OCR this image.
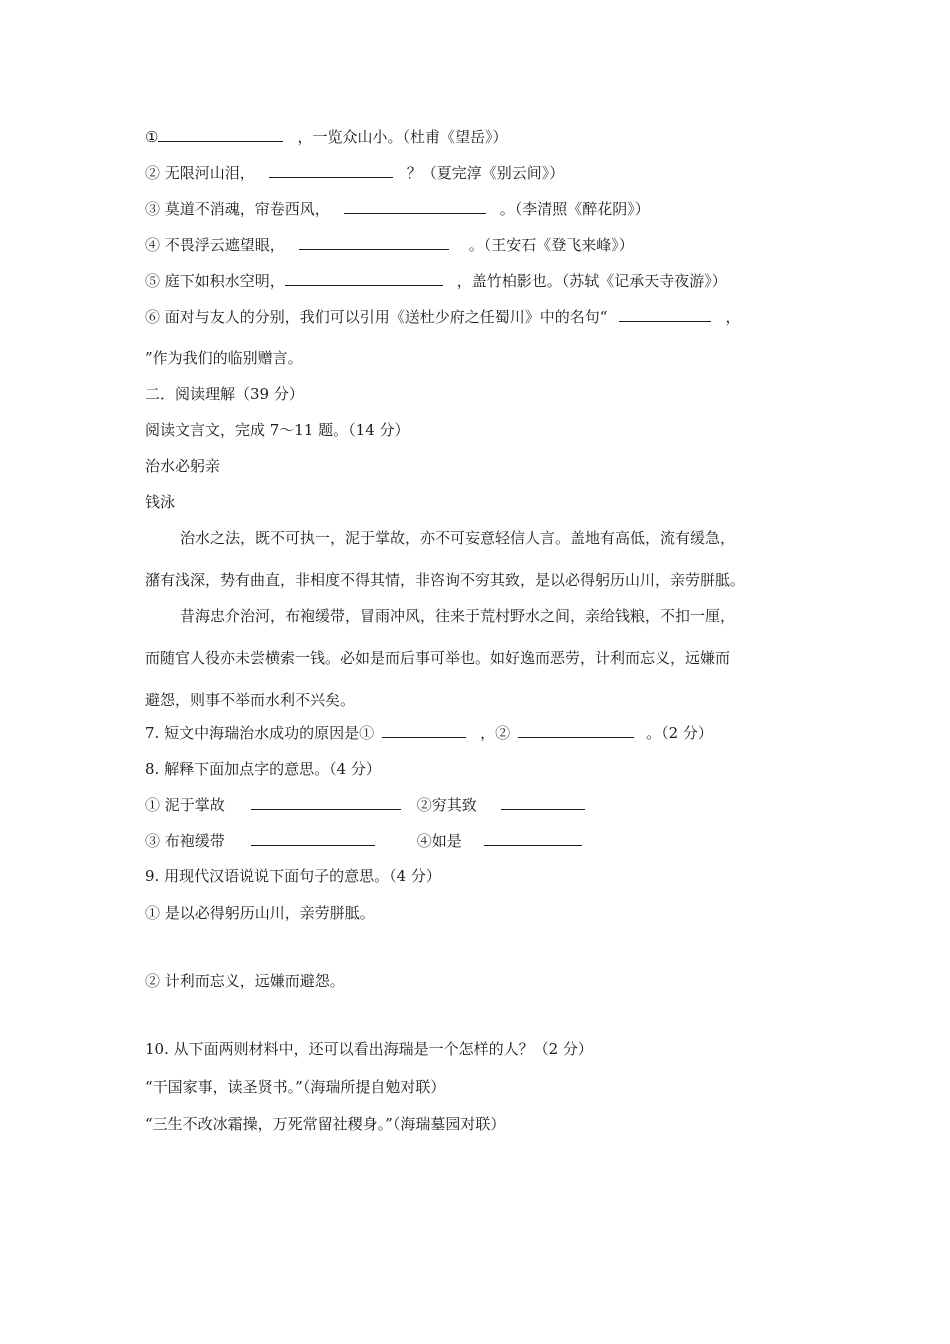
①	，一览众山小。（杜甫《望岳》）
② 无限河山泪，	？（夏完淳《别云间》）
③ 莫道不消魂，帘卷西风，	。（李清照《醉花阴》）
④ 不畏浮云遮望眼，	。（王安石《登飞来峰》）
⑤ 庭下如积水空明，	，盖竹柏影也。（苏轼《记承天寺夜游》）
⑥ 面对与友人的分别，我们可以引用《送杜少府之任蜀川》中的名句“	，
”作为我们的临别赠言。
二．阅读理解（39 分）
阅读文言文，完成 7～11 题。（14 分）
治水必躬亲
钱泳
治水之法，既不可执一，泥于掌故，亦不可妄意轻信人言。盖地有高低，流有缓急，
潴有浅深，势有曲直，非相度不得其情，非咨询不穷其致，是以必得躬历山川，亲劳胼胝。
昔海忠介治河，布袍缓带，冒雨冲风，往来于荒村野水之间，亲给钱粮，不扣一厘，
而随官人役亦未尝横索一钱。必如是而后事可举也。如好逸而恶劳，计利而忘义，远嫌而
避怨，则事不举而水利不兴矣。
7. 短文中海瑞治水成功的原因是①	，②	。（2 分）
8. 解释下面加点字的意思。（4 分）
① 泥于掌故	②穷其致
③ 布袍缓带	④如是
9. 用现代汉语说说下面句子的意思。（4 分）
① 是以必得躬历山川，亲劳胼胝。
② 计利而忘义，远嫌而避怨。
10. 从下面两则材料中，还可以看出海瑞是一个怎样的人？（2 分）
“干国家事，读圣贤书。”（海瑞所提自勉对联）
“三生不改冰霜操，万死常留社稷身。”（海瑞墓园对联）
